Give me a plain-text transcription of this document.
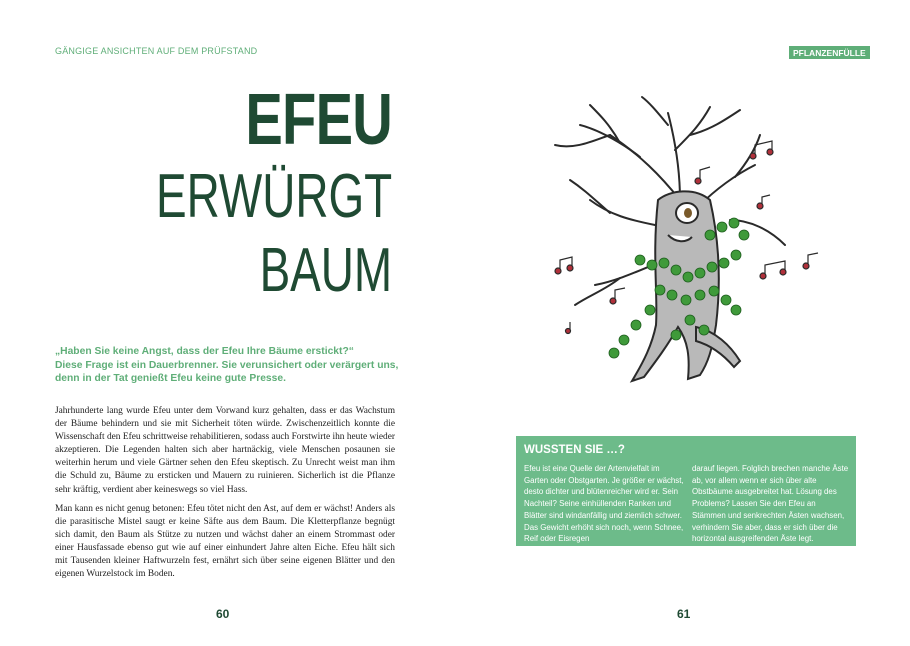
GÄNGIGE ANSICHTEN AUF DEM PRÜFSTAND	PFLANZENFÜLLE
EFEU
ERWÜRGT
BAUM

„Haben Sie keine Angst, dass der Efeu Ihre Bäume erstickt?“

Diese Frage ist ein Dauerbrenner. Sie verunsichert oder verärgert uns, denn in der Tat genießt Efeu keine gute Presse.

Jahrhunderte lang wurde Efeu unter dem Vorwand kurz gehalten, dass er das Wachstum der Bäume behindern und sie mit Sicherheit töten würde. Zwischenzeitlich konnte die Wissenschaft den Efeu schrittweise rehabilitieren, sodass auch Forstwirte ihn heute wieder akzeptieren. Die Legenden halten sich aber hartnäckig, viele Menschen posaunen sie weiterhin herum und viele Gärtner sehen den Efeu skeptisch. Zu Unrecht weist man ihm die Schuld zu, Bäume zu ersticken und Mauern zu ruinieren. Sicherlich ist die Pflanze sehr kräftig, verdient aber keineswegs so viel Hass.

Man kann es nicht genug betonen: Efeu tötet nicht den Ast, auf dem er wächst! Anders als die parasitische Mistel saugt er keine Säfte aus dem Baum. Die Kletterpflanze begnügt sich damit, den Baum als Stütze zu nutzen und wächst daher an einem Strommast oder einer Hausfassade ebenso gut wie auf einer einhundert Jahre alten Eiche. Efeu hält sich mit Tausenden kleiner Haftwurzeln fest, ernährt sich über seine eigenen Blätter und den eigenen Wurzelstock im Boden.

60	61
WUSSTEN SIE …?

Efeu ist eine Quelle der Artenvielfalt im Garten oder Obstgarten. Je größer er wächst, desto dichter und blütenreicher wird er. Sein Nachteil? Seine einhüllenden Ranken und Blätter sind windanfällig und ziemlich schwer. Das Gewicht erhöht sich noch, wenn Schnee, Reif oder Eisregen

darauf liegen. Folglich brechen manche Äste ab, vor allem wenn er sich über alte Obstbäume ausgebreitet hat. Lösung des Problems? Lassen Sie den Efeu an Stämmen und senkrechten Ästen wachsen, verhindern Sie aber, dass er sich über die horizontal ausgreifenden Äste legt.
